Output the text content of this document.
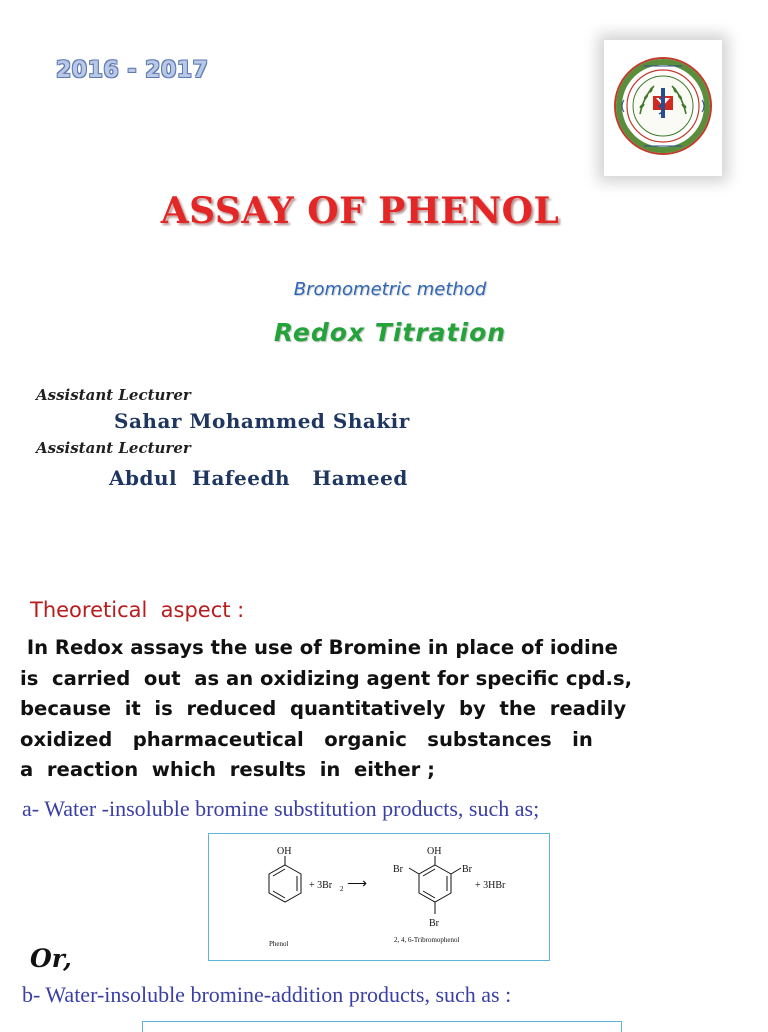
2016 - 2017
ASSAY OF PHENOL
Bromometric method
Redox Titration
Assistant Lecturer
Sahar Mohammed Shakir
Assistant Lecturer
Abdul  Hafeedh   Hameed
Theoretical  aspect :
In Redox assays the use of Bromine in place of iodine
is  carried  out  as an oxidizing agent for specific cpd.s,
because  it  is  reduced  quantitatively  by  the  readily
oxidized   pharmaceutical   organic   substances   in
a  reaction  which  results  in  either ;
a- Water -insoluble bromine substitution products, such as;
OH
+ 3Br 2 ⟶
OH
Br	Br
Br
+ 3HBr
Phenol	2, 4, 6-Tribromophenol
Or,
b- Water-insoluble bromine-addition products, such as :
